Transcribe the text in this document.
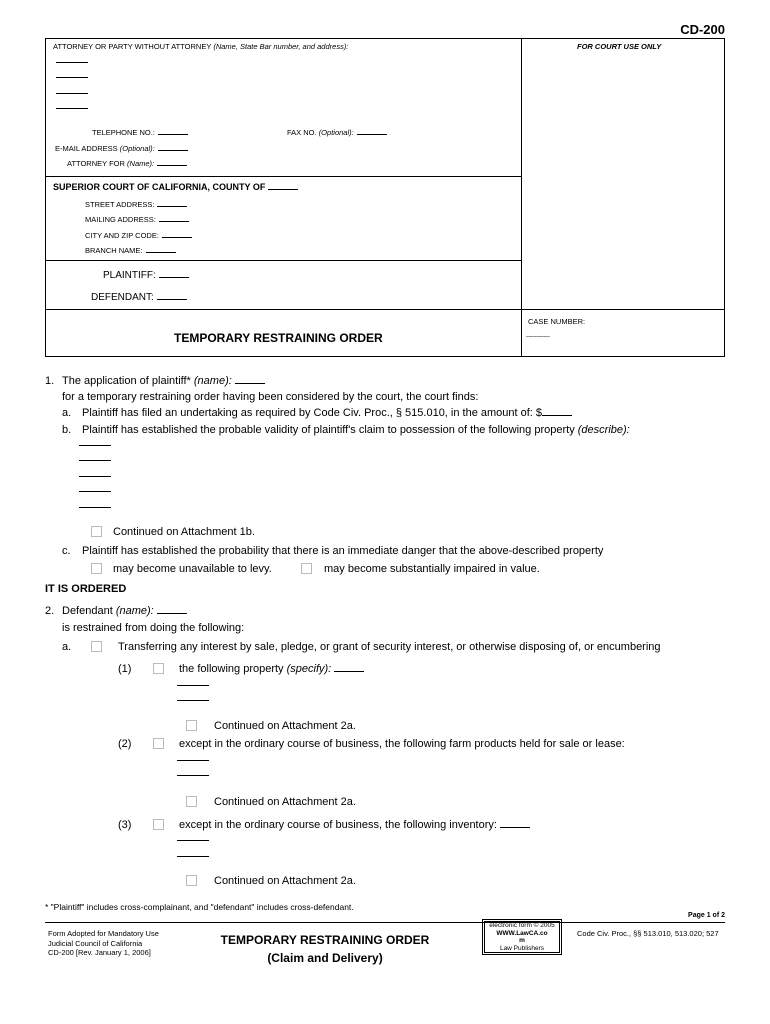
CD-200
ATTORNEY OR PARTY WITHOUT ATTORNEY (Name, State Bar number, and address):	FOR COURT USE ONLY
TELEPHONE NO.:	FAX NO. (Optional):
E-MAIL ADDRESS (Optional):
ATTORNEY FOR (Name):
SUPERIOR COURT OF CALIFORNIA, COUNTY OF
STREET ADDRESS:
MAILING ADDRESS:
CITY AND ZIP CODE:
BRANCH NAME:
PLAINTIFF:
DEFENDANT:
TEMPORARY RESTRAINING ORDER
CASE NUMBER:
_____
1. The application of plaintiff* (name):
for a temporary restraining order having been considered by the court, the court finds:
a. Plaintiff has filed an undertaking as required by Code Civ. Proc., § 515.010, in the amount of: $
b. Plaintiff has established the probable validity of plaintiff's claim to possession of the following property (describe):
Continued on Attachment 1b.
c. Plaintiff has established the probability that there is an immediate danger that the above-described property
may become unavailable to levy.	may become substantially impaired in value.
IT IS ORDERED
2. Defendant (name):
is restrained from doing the following:
a.	Transferring any interest by sale, pledge, or grant of security interest, or otherwise disposing of, or encumbering
(1)	the following property (specify):
Continued on Attachment 2a.
(2)	except in the ordinary course of business, the following farm products held for sale or lease:
Continued on Attachment 2a.
(3)	except in the ordinary course of business, the following inventory:
Continued on Attachment 2a.
* "Plaintiff" includes cross-complainant, and "defendant" includes cross-defendant.
Page 1 of 2
Form Adopted for Mandatory Use
Judicial Council of California
CD-200 [Rev. January 1, 2006]
TEMPORARY RESTRAINING ORDER
(Claim and Delivery)
electronic form © 2005
WWW.LawCA.co
m
Law Publishers
Code Civ. Proc., §§ 513.010, 513.020; 527
